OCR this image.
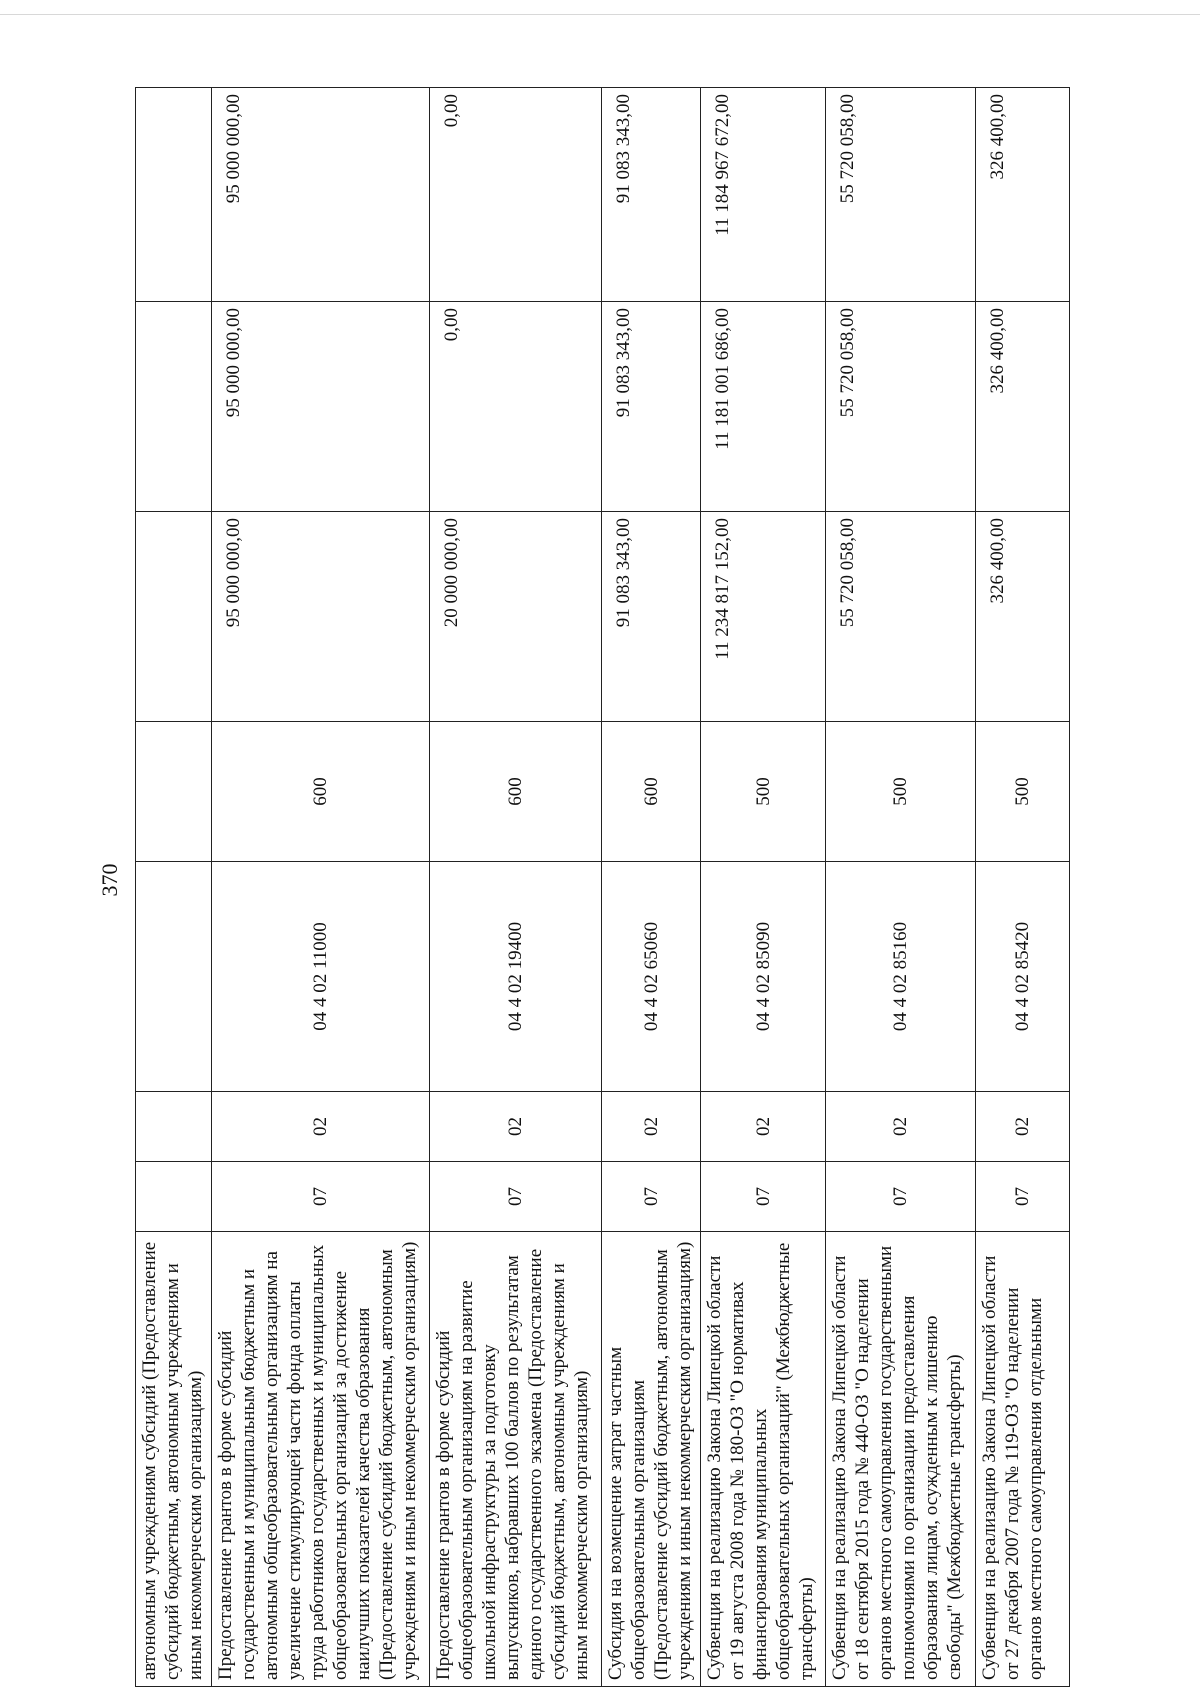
370
автономным учреждениям субсидий (Предоставление субсидий бюджетным, автономным учреждениям и иным некоммерческим организациям)							
Предоставление грантов в форме субсидий государственным и муниципальным бюджетным и автономным общеобразовательным организациям на увеличение стимулирующей части фонда оплаты труда работников государственных и муниципальных общеобразовательных организаций за достижение наилучших показателей качества образования (Предоставление субсидий бюджетным, автономным учреждениям и иным некоммерческим организациям)	07	02	04 4 02 11000	600	95 000 000,00	95 000 000,00	95 000 000,00
Предоставление грантов в форме субсидий общеобразовательным организациям на развитие школьной инфраструктуры за подготовку выпускников, набравших 100 баллов по результатам единого государственного экзамена (Предоставление субсидий бюджетным, автономным учреждениям и иным некоммерческим организациям)	07	02	04 4 02 19400	600	20 000 000,00	0,00	0,00
Субсидия на возмещение затрат частным общеобразовательным организациям (Предоставление субсидий бюджетным, автономным учреждениям и иным некоммерческим организациям)	07	02	04 4 02 65060	600	91 083 343,00	91 083 343,00	91 083 343,00
Субвенция на реализацию Закона Липецкой области от 19 августа 2008 года № 180-ОЗ "О нормативах финансирования муниципальных общеобразовательных организаций" (Межбюджетные трансферты)	07	02	04 4 02 85090	500	11 234 817 152,00	11 181 001 686,00	11 184 967 672,00
Субвенция на реализацию Закона Липецкой области от 18 сентября 2015 года № 440-ОЗ "О наделении органов местного самоуправления государственными полномочиями по организации предоставления образования лицам, осужденным к лишению свободы" (Межбюджетные трансферты)	07	02	04 4 02 85160	500	55 720 058,00	55 720 058,00	55 720 058,00
Субвенция на реализацию Закона Липецкой области от 27 декабря 2007 года № 119-ОЗ "О наделении органов местного самоуправления отдельными	07	02	04 4 02 85420	500	326 400,00	326 400,00	326 400,00
